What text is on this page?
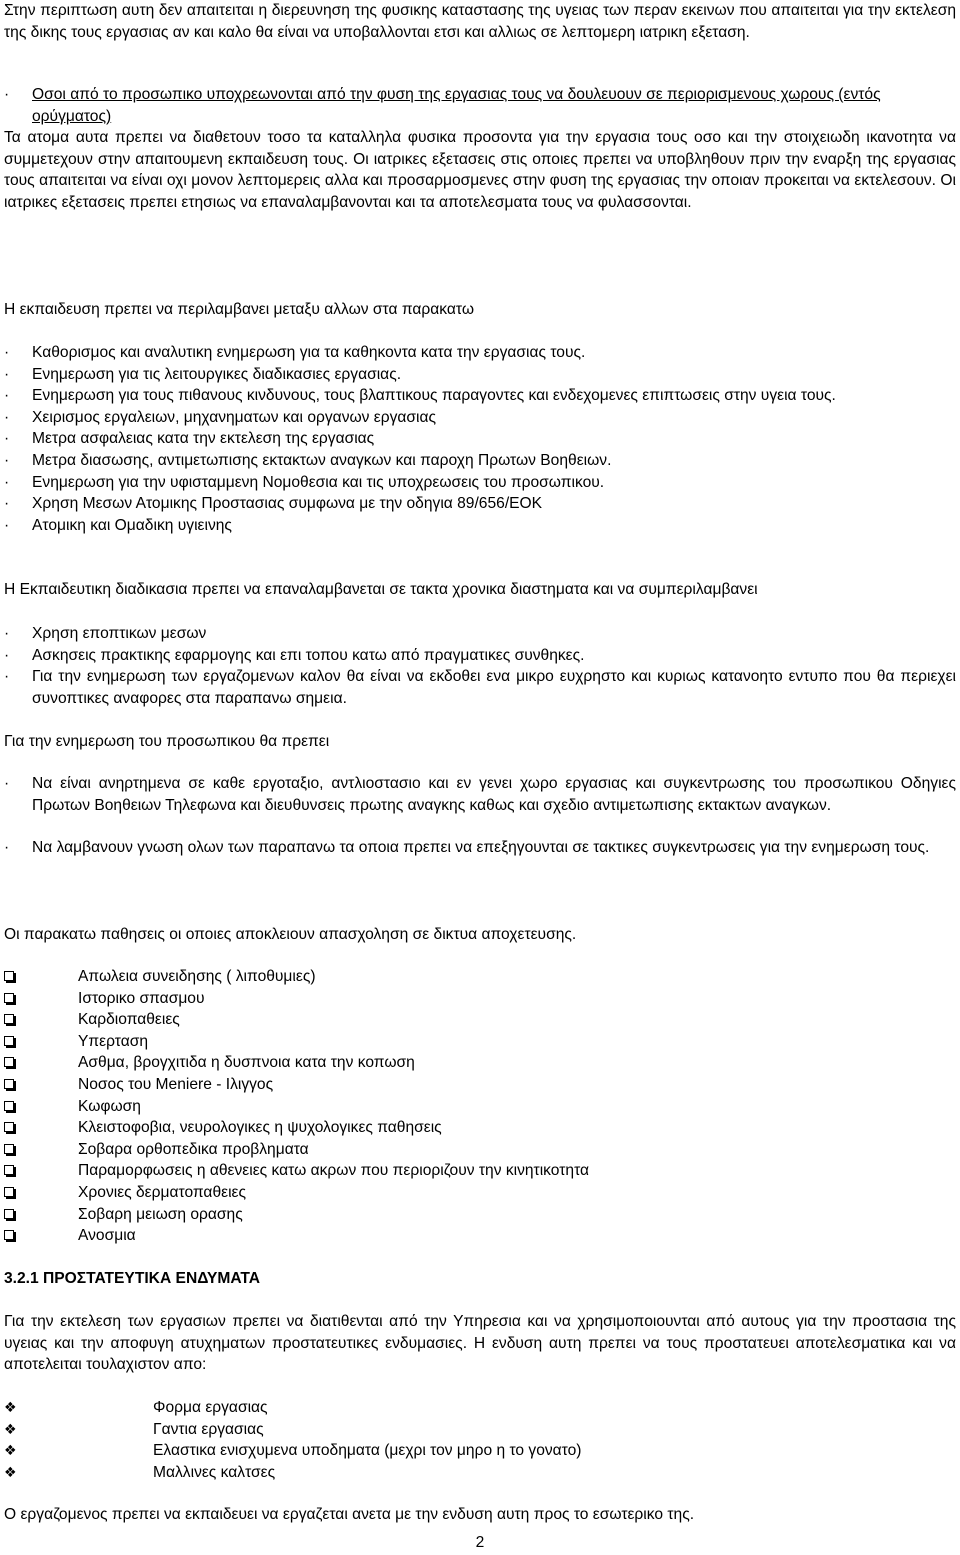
Στην περιπτωση αυτη δεν απαιτειται η διερευνηση της φυσικης καταστασης της υγειας των περαν εκεινων που απαιτειται για την εκτελεση της δικης τους εργασιας αν και καλο θα είναι να υποβαλλονται ετσι και αλλιως σε λεπτομερη ιατρικη εξεταση.

· Οσοι από το προσωπικο υποχρεωνονται από την φυση της εργασιας τους να δουλευουν σε περιορισμενους χωρους (εντός ορύγματος)

Τα ατομα αυτα πρεπει να διαθετουν τοσο τα καταλληλα φυσικα προσοντα για την εργασια τους οσο και την στοιχειωδη ικανοτητα να συμμετεχουν στην απαιτουμενη εκπαιδευση τους. Οι ιατρικες εξετασεις στις οποιες πρεπει να υποβληθουν πριν την εναρξη της εργασιας τους απαιτειται να είναι οχι μονον λεπτομερεις αλλα και προσαρμοσμενες στην φυση της εργασιας την οποιαν προκειται να εκτελεσουν. Οι ιατρικες εξετασεις πρεπει ετησιως να επαναλαμβανονται και τα αποτελεσματα τους να φυλασσονται.

Η εκπαιδευση πρεπει να περιλαμβανει μεταξυ αλλων στα παρακατω

· Καθορισμος και αναλυτικη ενημερωση για τα καθηκοντα κατα την εργασιας τους.
· Ενημερωση για τις λειτουργικες διαδικασιες εργασιας.
· Ενημερωση για τους πιθανους κινδυνους, τους βλαπτικους παραγοντες και ενδεχομενες επιπτωσεις στην υγεια τους.
· Χειρισμος εργαλειων, μηχανηματων και οργανων εργασιας
· Μετρα ασφαλειας κατα την εκτελεση της εργασιας
· Μετρα διασωσης, αντιμετωπισης εκτακτων αναγκων και παροχη Πρωτων Βοηθειων.
· Ενημερωση για την υφισταμμενη Νομοθεσια και τις υποχρεωσεις του προσωπικου.
· Χρηση Μεσων Ατομικης Προστασιας συμφωνα με την οδηγια 89/656/ΕΟΚ
· Ατομικη και Ομαδικη υγιεινης

Η Εκπαιδευτικη διαδικασια πρεπει να επαναλαμβανεται σε τακτα χρονικα διαστηματα και να συμπεριλαμβανει

· Χρηση εποπτικων μεσων
· Ασκησεις πρακτικης εφαρμογης και επι τοπου κατω από πραγματικες συνθηκες.
· Για την ενημερωση των εργαζομενων καλον θα είναι να εκδοθει ενα μικρο ευχρηστο και κυριως κατανοητο εντυπο που θα περιεχει συνοπτικες αναφορες στα παραπανω σημεια.

Για την ενημερωση του προσωπικου θα πρεπει

· Να είναι ανηρτημενα σε καθε εργοταξιο, αντλιοστασιο και εν γενει χωρο εργασιας και συγκεντρωσης του προσωπικου Οδηγιες Πρωτων Βοηθειων Τηλεφωνα και διευθυνσεις πρωτης αναγκης καθως και σχεδιο αντιμετωπισης εκτακτων αναγκων.
· Να λαμβανουν γνωση ολων των παραπανω τα οποια πρεπει να επεξηγουνται σε τακτικες συγκεντρωσεις για την ενημερωση τους.

Οι παρακατω παθησεις οι οποιες αποκλειουν απασχοληση σε δικτυα αποχετευσης.

Απωλεια συνειδησης ( λιποθυμιες)
Ιστορικο σπασμου
Καρδιοπαθειες
Υπερταση
Ασθμα, βρογχιτιδα η δυσπνοια κατα την κοπωση
Νοσος του Meniere - Ιλιγγος
Κωφωση
Κλειστοφοβια, νευρολογικες η ψυχολογικες παθησεις
Σοβαρα ορθοπεδικα προβληματα
Παραμορφωσεις η αθενειες κατω ακρων που περιοριζουν την κινητικοτητα
Χρονιες δερματοπαθειες
Σοβαρη μειωση ορασης
Ανοσμια

3.2.1 ΠΡΟΣΤΑΤΕΥΤΙΚΑ ΕΝΔΥΜΑΤΑ

Για την εκτελεση των εργασιων πρεπει να διατιθενται από την Υπηρεσια και να χρησιμοποιουνται από αυτους για την προστασια της υγειας και την αποφυγη ατυχηματων προστατευτικες ενδυμασιες. Η ενδυση αυτη πρεπει να τους προστατευει αποτελεσματικα και να αποτελειται τουλαχιστον απο:

❖	Φορμα εργασιας
❖	Γαντια εργασιας
❖	Ελαστικα ενισχυμενα υποδηματα (μεχρι τον μηρο η το γονατο)
❖	Μαλλινες καλτσες

Ο εργαζομενος πρεπει να εκπαιδευει να εργαζεται ανετα με την ενδυση αυτη προς το εσωτερικο της.

2
